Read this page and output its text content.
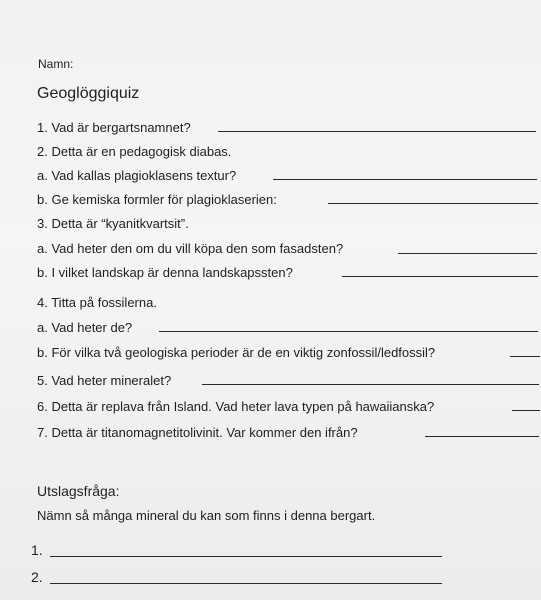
Namn:
Geoglöggiquiz
1. Vad är bergartsnamnet?
2. Detta är en pedagogisk diabas.
a. Vad kallas plagioklasens textur?
b. Ge kemiska formler för plagioklaserien:
3. Detta är “kyanitkvartsit”.
a. Vad heter den om du vill köpa den som fasadsten?
b. I vilket landskap är denna landskapssten?
4. Titta på fossilerna.
a. Vad heter de?
b. För vilka två geologiska perioder är de en viktig zonfossil/ledfossil?
5. Vad heter mineralet?
6. Detta är replava från Island. Vad heter lava typen på hawaiianska?
7. Detta är titanomagnetitolivinit. Var kommer den ifrån?
Utslagsfråga:
Nämn så många mineral du kan som finns i denna bergart.
1.
2.
